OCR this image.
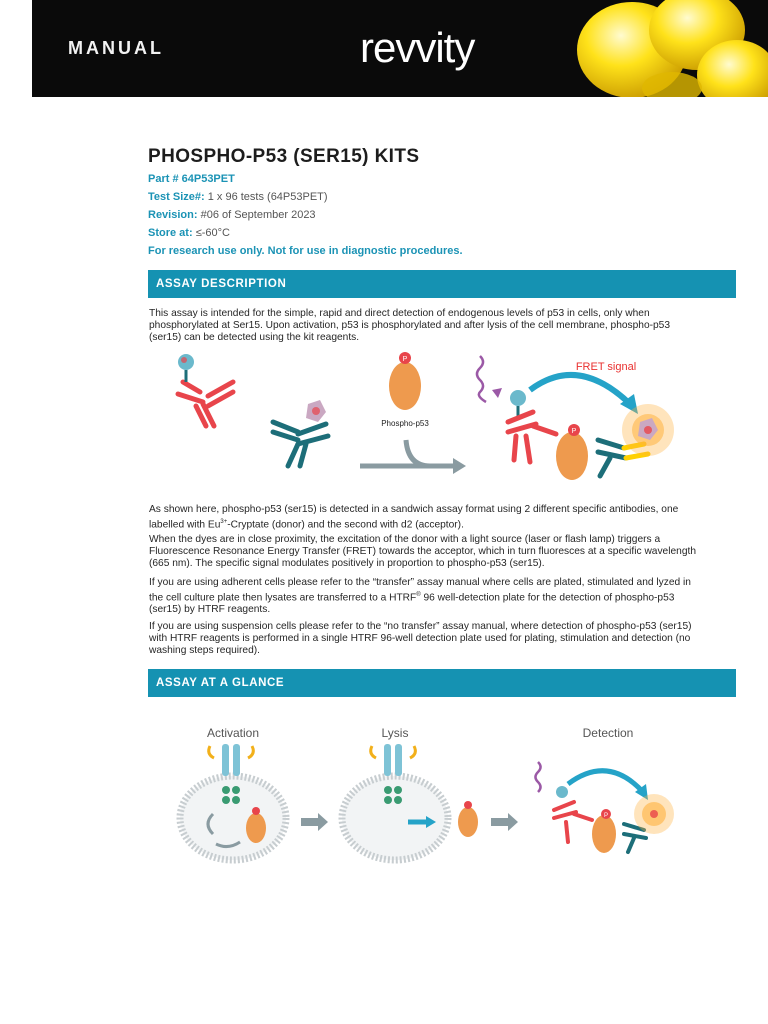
MANUAL	revvity
PHOSPHO-P53 (SER15) KITS
Part # 64P53PET
Test Size#: 1 x 96 tests (64P53PET)
Revision: #06 of September 2023
Store at: ≤-60°C
For research use only. Not for use in diagnostic procedures.
ASSAY DESCRIPTION

This assay is intended for the simple, rapid and direct detection of endogenous levels of p53 in cells, only when phosphorylated at Ser15. Upon activation, p53 is phosphorylated and after lysis of the cell membrane, phospho-p53 (ser15) can be detected using the kit reagents.

P
Phospho-p53
FRET signal
P

As shown here, phospho-p53 (ser15) is detected in a sandwich assay format using 2 different specific antibodies, one labelled with $Eu^{3+}$-Cryptate (donor) and the second with d2 (acceptor).

When the dyes are in close proximity, the excitation of the donor with a light source (laser or flash lamp) triggers a Fluorescence Resonance Energy Transfer (FRET) towards the acceptor, which in turn fluoresces at a specific wavelength (665 nm). The specific signal modulates positively in proportion to phospho-p53 (ser15).

If you are using adherent cells please refer to the “transfer” assay manual where cells are plated, stimulated and lyzed in the cell culture plate then lysates are transferred to a HTRF® 96 well-detection plate for the detection of phospho-p53 (ser15) by HTRF reagents.

If you are using suspension cells please refer to the “no transfer” assay manual, where detection of phospho-p53 (ser15) with HTRF reagents is performed in a single HTRF 96-well detection plate used for plating, stimulation and detection (no washing steps required).

ASSAY AT A GLANCE
Activation	Lysis	Detection
P
